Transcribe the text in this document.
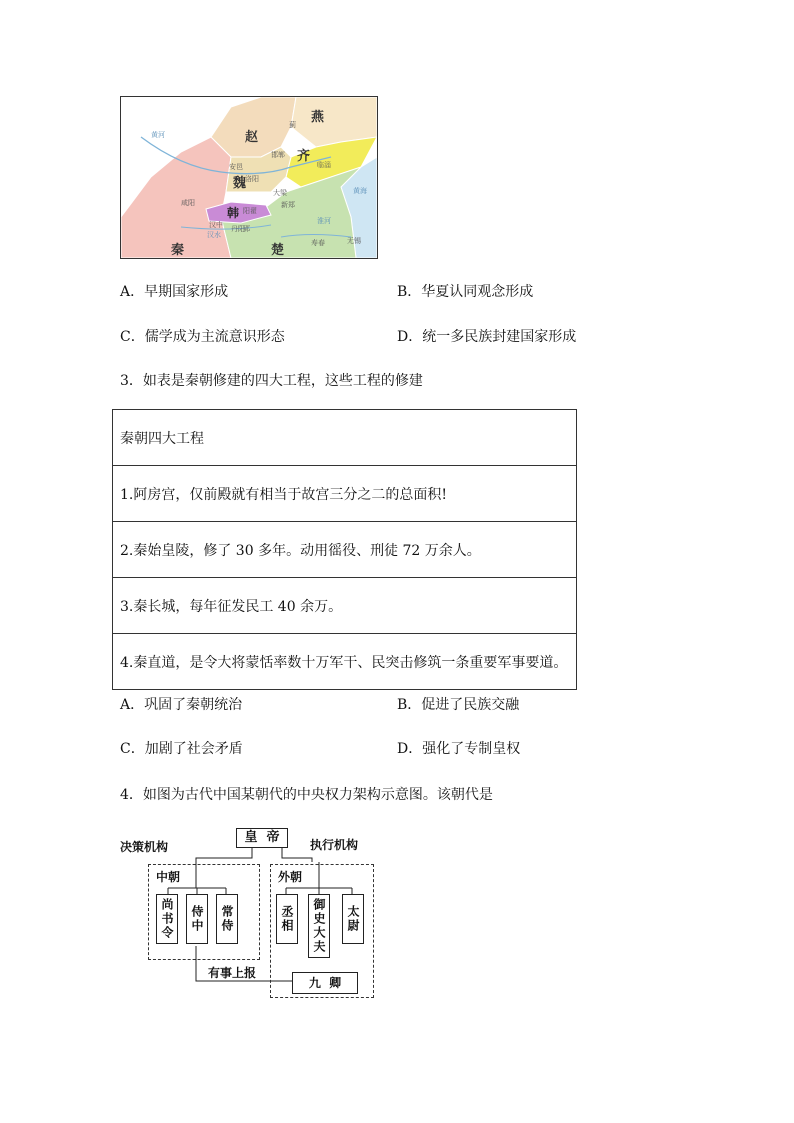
赵
燕
齐
魏
韩
秦	楚
蓟
邯郸
安邑
洛阳
咸阳
阳翟
大梁
郢
寿春
丹阳
汉中
临淄
新郑
无锡
黄河
黄海
汉水
淮河
A．早期国家形成	B．华夏认同观念形成
C．儒学成为主流意识形态	D．统一多民族封建国家形成
3．如表是秦朝修建的四大工程，这些工程的修建
秦朝四大工程
1.阿房宫，仅前殿就有相当于故宫三分之二的总面积!
2.秦始皇陵，修了 30 多年。动用徭役、刑徒 72 万余人。
3.秦长城，每年征发民工 40 余万。
4.秦直道，是令大将蒙恬率数十万军干、民突击修筑一条重要军事要道。
A．巩固了秦朝统治	B．促进了民族交融
C．加剧了社会矛盾	D．强化了专制皇权
4．如图为古代中国某朝代的中央权力架构示意图。该朝代是
皇  帝
决策机构	执行机构
中朝	外朝
尚书令	侍中	常侍	丞相	御史大夫	太尉
有事上报
九  卿
